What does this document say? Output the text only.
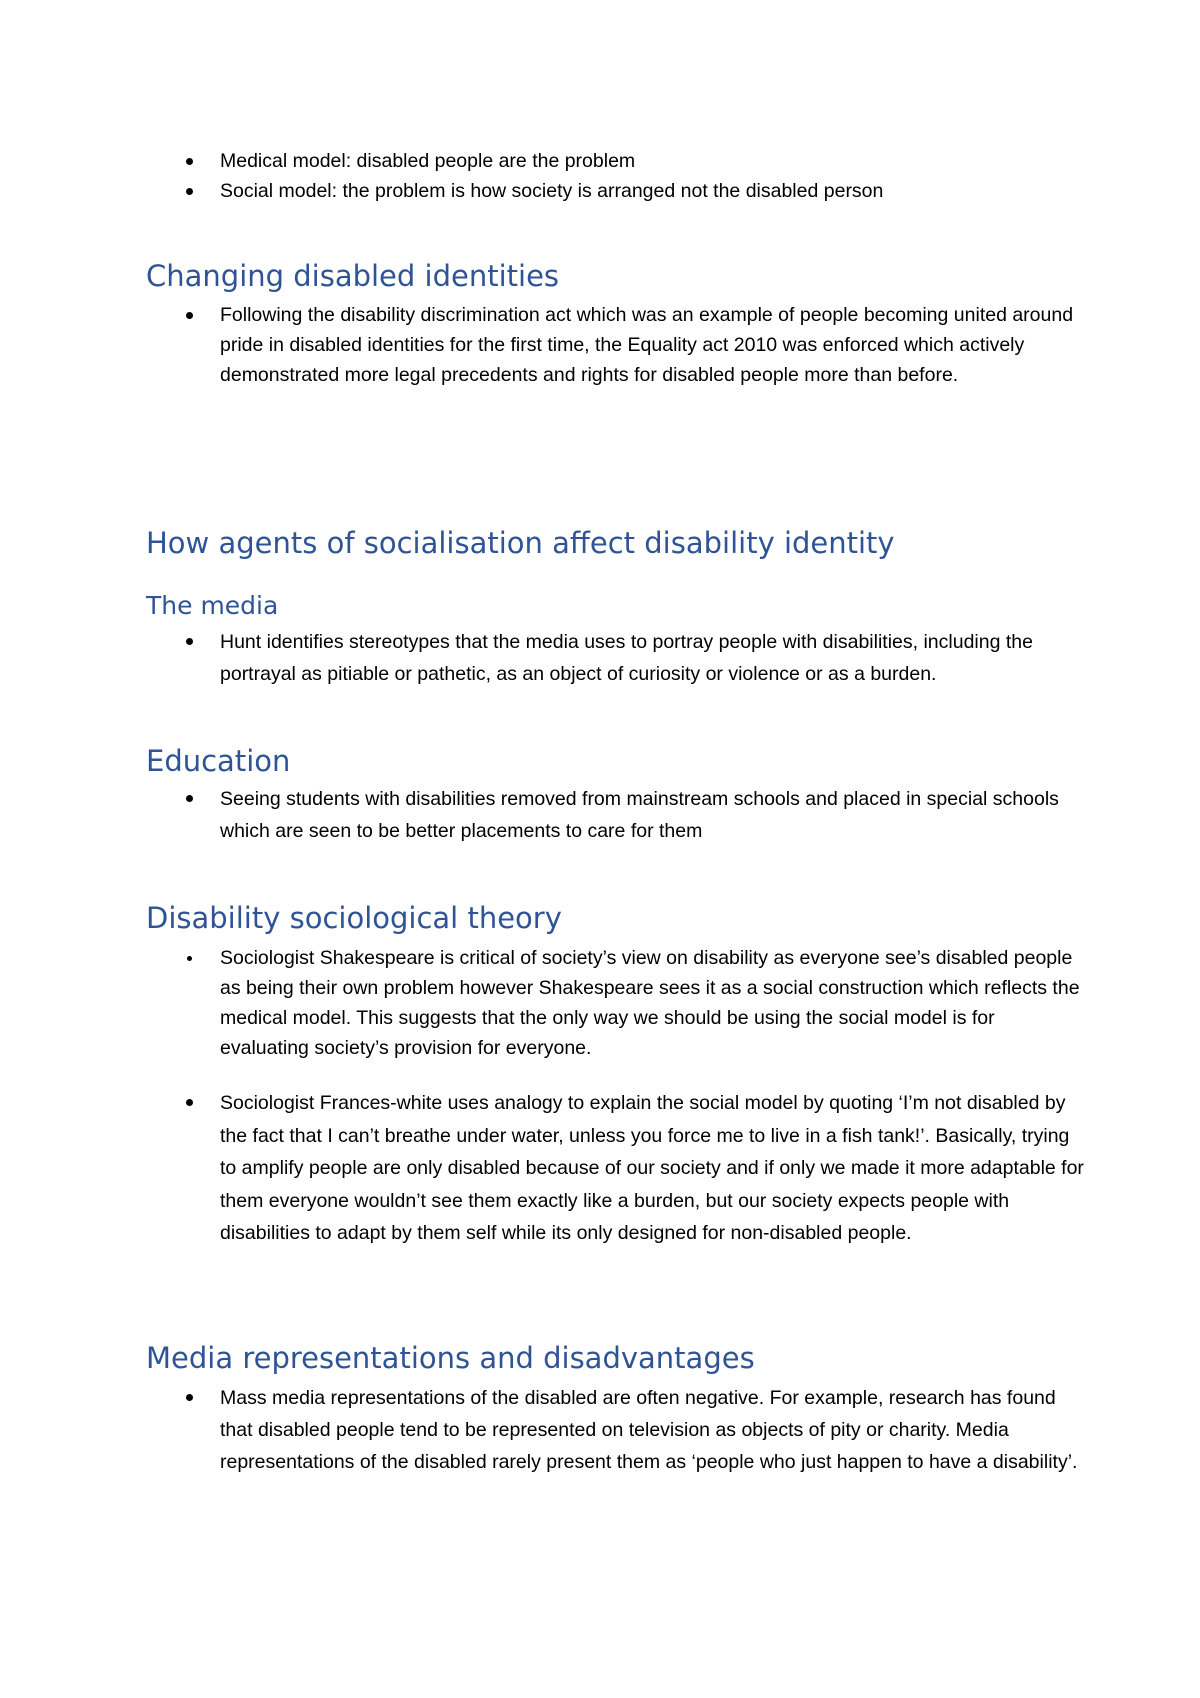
Medical model: disabled people are the problem
Social model: the problem is how society is arranged not the disabled person
Changing disabled identities
Following the disability discrimination act which was an example of people becoming united around pride in disabled identities for the first time, the Equality act 2010 was enforced which actively demonstrated more legal precedents and rights for disabled people more than before.
How agents of socialisation affect disability identity
The media
Hunt identifies stereotypes that the media uses to portray people with disabilities, including the portrayal as pitiable or pathetic, as an object of curiosity or violence or as a burden.
Education
Seeing students with disabilities removed from mainstream schools and placed in special schools which are seen to be better placements to care for them
Disability sociological theory
Sociologist Shakespeare is critical of society’s view on disability as everyone see’s disabled people as being their own problem however Shakespeare sees it as a social construction which reflects the medical model. This suggests that the only way we should be using the social model is for evaluating society’s provision for everyone.
Sociologist Frances-white uses analogy to explain the social model by quoting ‘I’m not disabled by the fact that I can’t breathe under water, unless you force me to live in a fish tank!’. Basically, trying to amplify people are only disabled because of our society and if only we made it more adaptable for them everyone wouldn’t see them exactly like a burden, but our society expects people with disabilities to adapt by them self while its only designed for non-disabled people.
Media representations and disadvantages
Mass media representations of the disabled are often negative. For example, research has found that disabled people tend to be represented on television as objects of pity or charity. Media representations of the disabled rarely present them as ‘people who just happen to have a disability’.
